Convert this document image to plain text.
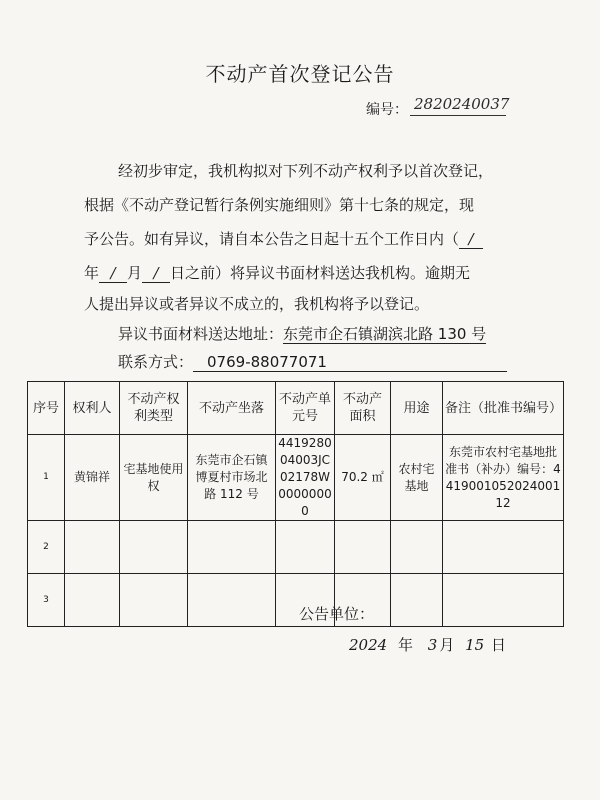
不动产首次登记公告
编号： 2820240037
经初步审定，我机构拟对下列不动产权利予以首次登记，
根据《不动产登记暂行条例实施细则》第十七条的规定，现
予公告。如有异议，请自本公告之日起十五个工作日内（ /
年 / 月 / 日之前）将异议书面材料送达我机构。逾期无
人提出异议或者异议不成立的，我机构将予以登记。
异议书面材料送达地址：东莞市企石镇湖滨北路 130 号
联系方式： 0769-88077071
序号	权利人	不动产权利类型	不动产坐落	不动产单元号	不动产面积	用途	备注（批准书编号）
1	黄锦祥	宅基地使用权	东莞市企石镇博夏村市场北路 112 号	441928004003JC02178W00000000	70.2 ㎡	农村宅基地	东莞市农村宅基地批准书（补办）编号：441900105202400112
2							
3							
公告单位：
2024 年 3 月 15 日
